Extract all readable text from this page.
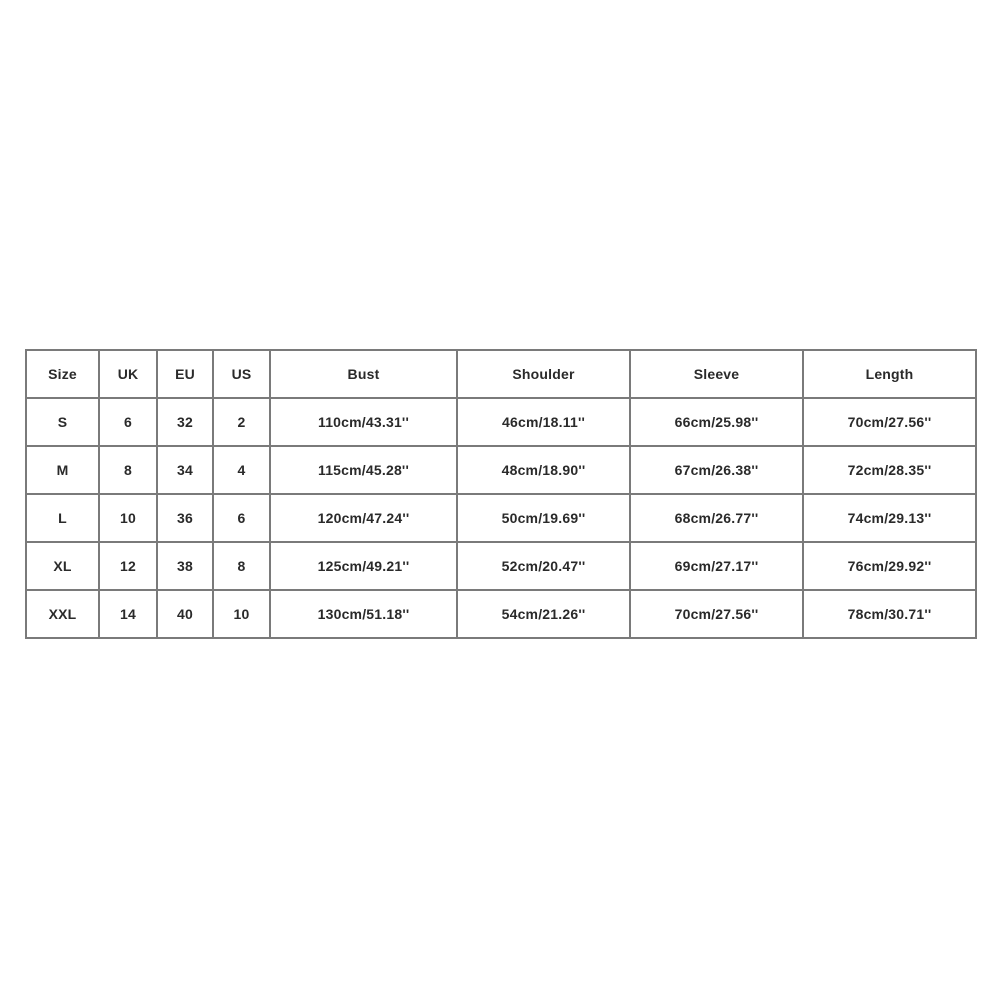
Size	UK	EU	US	Bust	Shoulder	Sleeve	Length
S	6	32	2	110cm/43.31''	46cm/18.11''	66cm/25.98''	70cm/27.56''
M	8	34	4	115cm/45.28''	48cm/18.90''	67cm/26.38''	72cm/28.35''
L	10	36	6	120cm/47.24''	50cm/19.69''	68cm/26.77''	74cm/29.13''
XL	12	38	8	125cm/49.21''	52cm/20.47''	69cm/27.17''	76cm/29.92''
XXL	14	40	10	130cm/51.18''	54cm/21.26''	70cm/27.56''	78cm/30.71''
